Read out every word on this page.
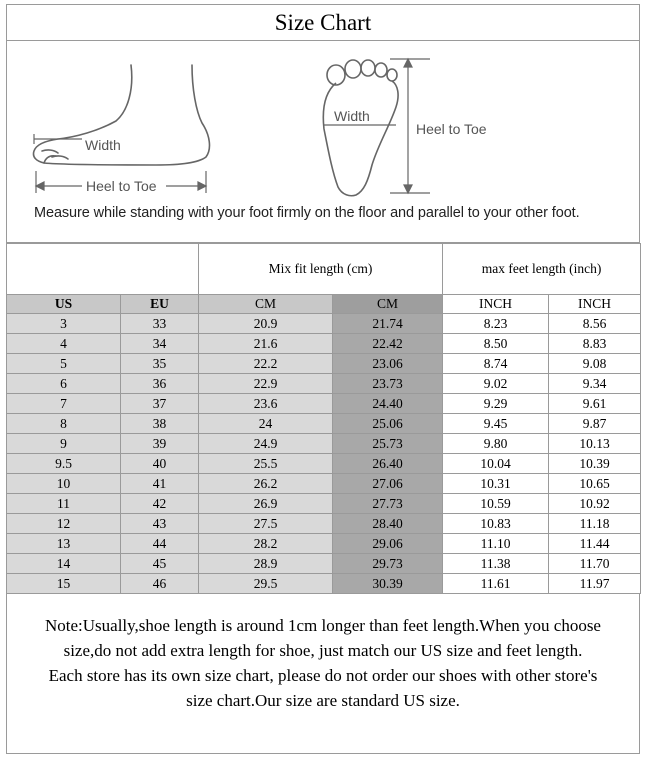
Size Chart
Width
Heel to Toe
Width
Heel to Toe
Measure while standing with your foot firmly on the floor and parallel to your other foot.
		Mix fit length (cm)		max feet length (inch)	
US	EU	CM	CM	INCH	INCH
3	33	20.9	21.74	8.23	8.56
4	34	21.6	22.42	8.50	8.83
5	35	22.2	23.06	8.74	9.08
6	36	22.9	23.73	9.02	9.34
7	37	23.6	24.40	9.29	9.61
8	38	24	25.06	9.45	9.87
9	39	24.9	25.73	9.80	10.13
9.5	40	25.5	26.40	10.04	10.39
10	41	26.2	27.06	10.31	10.65
11	42	26.9	27.73	10.59	10.92
12	43	27.5	28.40	10.83	11.18
13	44	28.2	29.06	11.10	11.44
14	45	28.9	29.73	11.38	11.70
15	46	29.5	30.39	11.61	11.97
Note:Usually,shoe length is around 1cm longer than feet length.When you choose
size,do not add extra length for shoe, just match our US size and feet length.
Each store has its own size chart, please do not order our shoes with other store's
size chart.Our size are standard US size.
